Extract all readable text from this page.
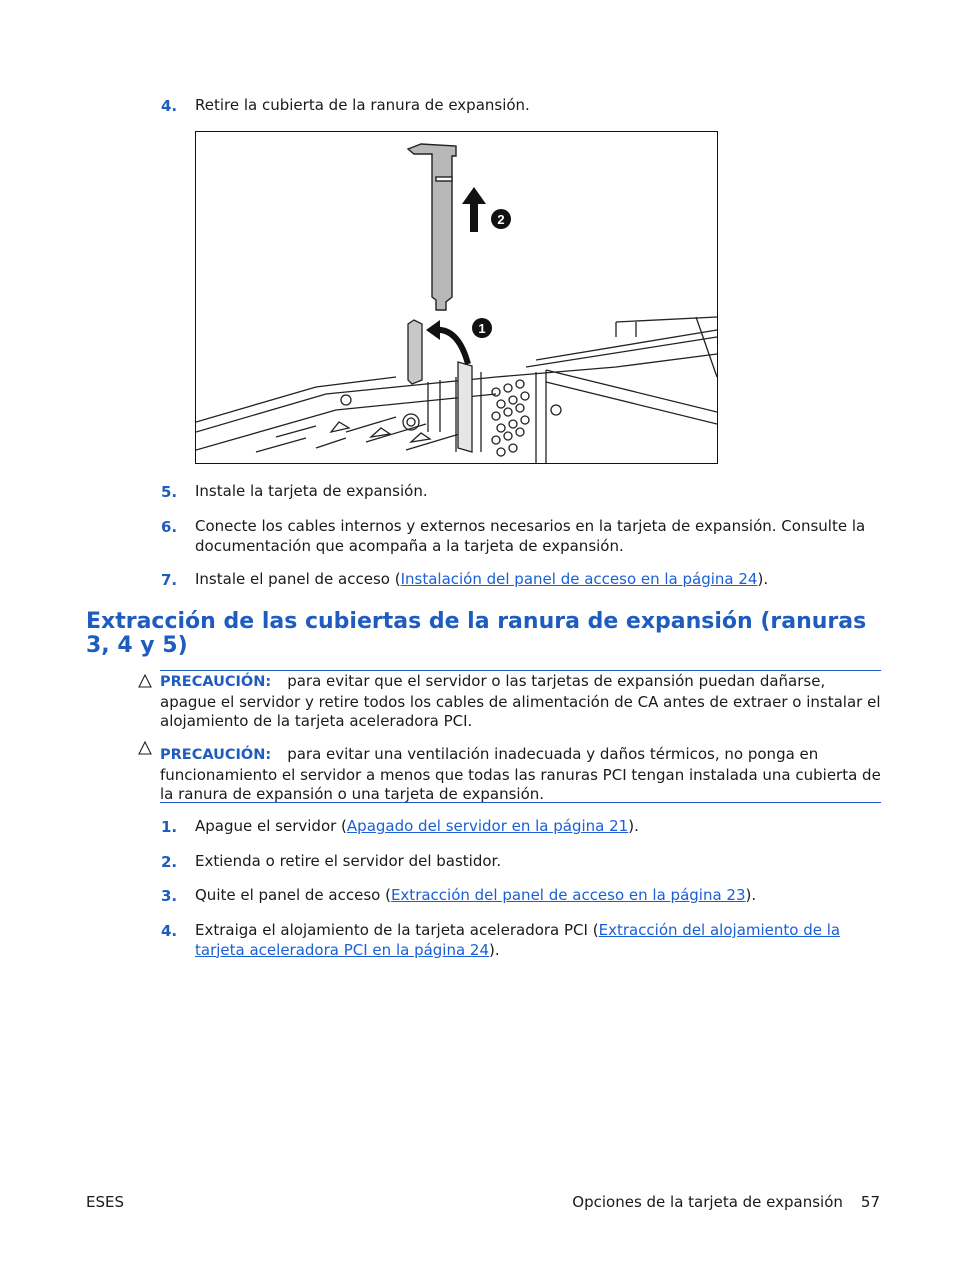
4. Retire la cubierta de la ranura de expansión.
2
1
5. Instale la tarjeta de expansión.
6. Conecte los cables internos y externos necesarios en la tarjeta de expansión. Consulte la documentación que acompaña a la tarjeta de expansión.
7. Instale el panel de acceso (Instalación del panel de acceso en la página 24).
Extracción de las cubiertas de la ranura de expansión (ranuras 3, 4 y 5)
PRECAUCIÓN: para evitar que el servidor o las tarjetas de expansión puedan dañarse, apague el servidor y retire todos los cables de alimentación de CA antes de extraer o instalar el alojamiento de la tarjeta aceleradora PCI.
PRECAUCIÓN: para evitar una ventilación inadecuada y daños térmicos, no ponga en funcionamiento el servidor a menos que todas las ranuras PCI tengan instalada una cubierta de la ranura de expansión o una tarjeta de expansión.
1. Apague el servidor (Apagado del servidor en la página 21).
2. Extienda o retire el servidor del bastidor.
3. Quite el panel de acceso (Extracción del panel de acceso en la página 23).
4. Extraiga el alojamiento de la tarjeta aceleradora PCI (Extracción del alojamiento de la tarjeta aceleradora PCI en la página 24).
ESES	Opciones de la tarjeta de expansión 57
